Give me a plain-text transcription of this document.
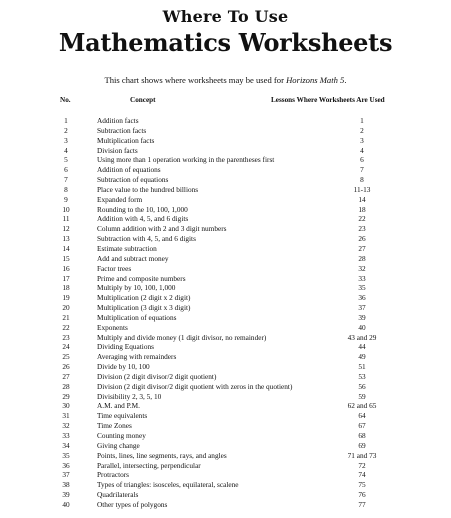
Where To Use
Mathematics Worksheets
This chart shows where worksheets may be used for Horizons Math 5.
No.	Concept	Lessons Where Worksheets Are Used
1	Addition facts	1
2	Subtraction facts	2
3	Multiplication facts	3
4	Division facts	4
5	Using more than 1 operation working in the parentheses first	6
6	Addition of equations	7
7	Subtraction of equations	8
8	Place value to the hundred billions	11-13
9	Expanded form	14
10	Rounding to the 10, 100, 1,000	18
11	Addition with 4, 5, and 6 digits	22
12	Column addition with 2 and 3 digit numbers	23
13	Subtraction with 4, 5, and 6 digits	26
14	Estimate subtraction	27
15	Add and subtract money	28
16	Factor trees	32
17	Prime and composite numbers	33
18	Multiply by 10, 100, 1,000	35
19	Multiplication (2 digit x 2 digit)	36
20	Multiplication (3 digit x 3 digit)	37
21	Multiplication of equations	39
22	Exponents	40
23	Multiply and divide money (1 digit divisor, no remainder)	43 and 29
24	Dividing Equations	44
25	Averaging with remainders	49
26	Divide by 10, 100	51
27	Division (2 digit divisor/2 digit quotient)	53
28	Division (2 digit divisor/2 digit quotient with zeros in the quotient)	56
29	Divisibility 2, 3, 5, 10	59
30	A.M. and P.M.	62 and 65
31	Time equivalents	64
32	Time Zones	67
33	Counting money	68
34	Giving change	69
35	Points, lines, line segments, rays, and angles	71 and 73
36	Parallel, intersecting, perpendicular	72
37	Protractors	74
38	Types of triangles: isosceles, equilateral, scalene	75
39	Quadrilaterals	76
40	Other types of polygons	77
